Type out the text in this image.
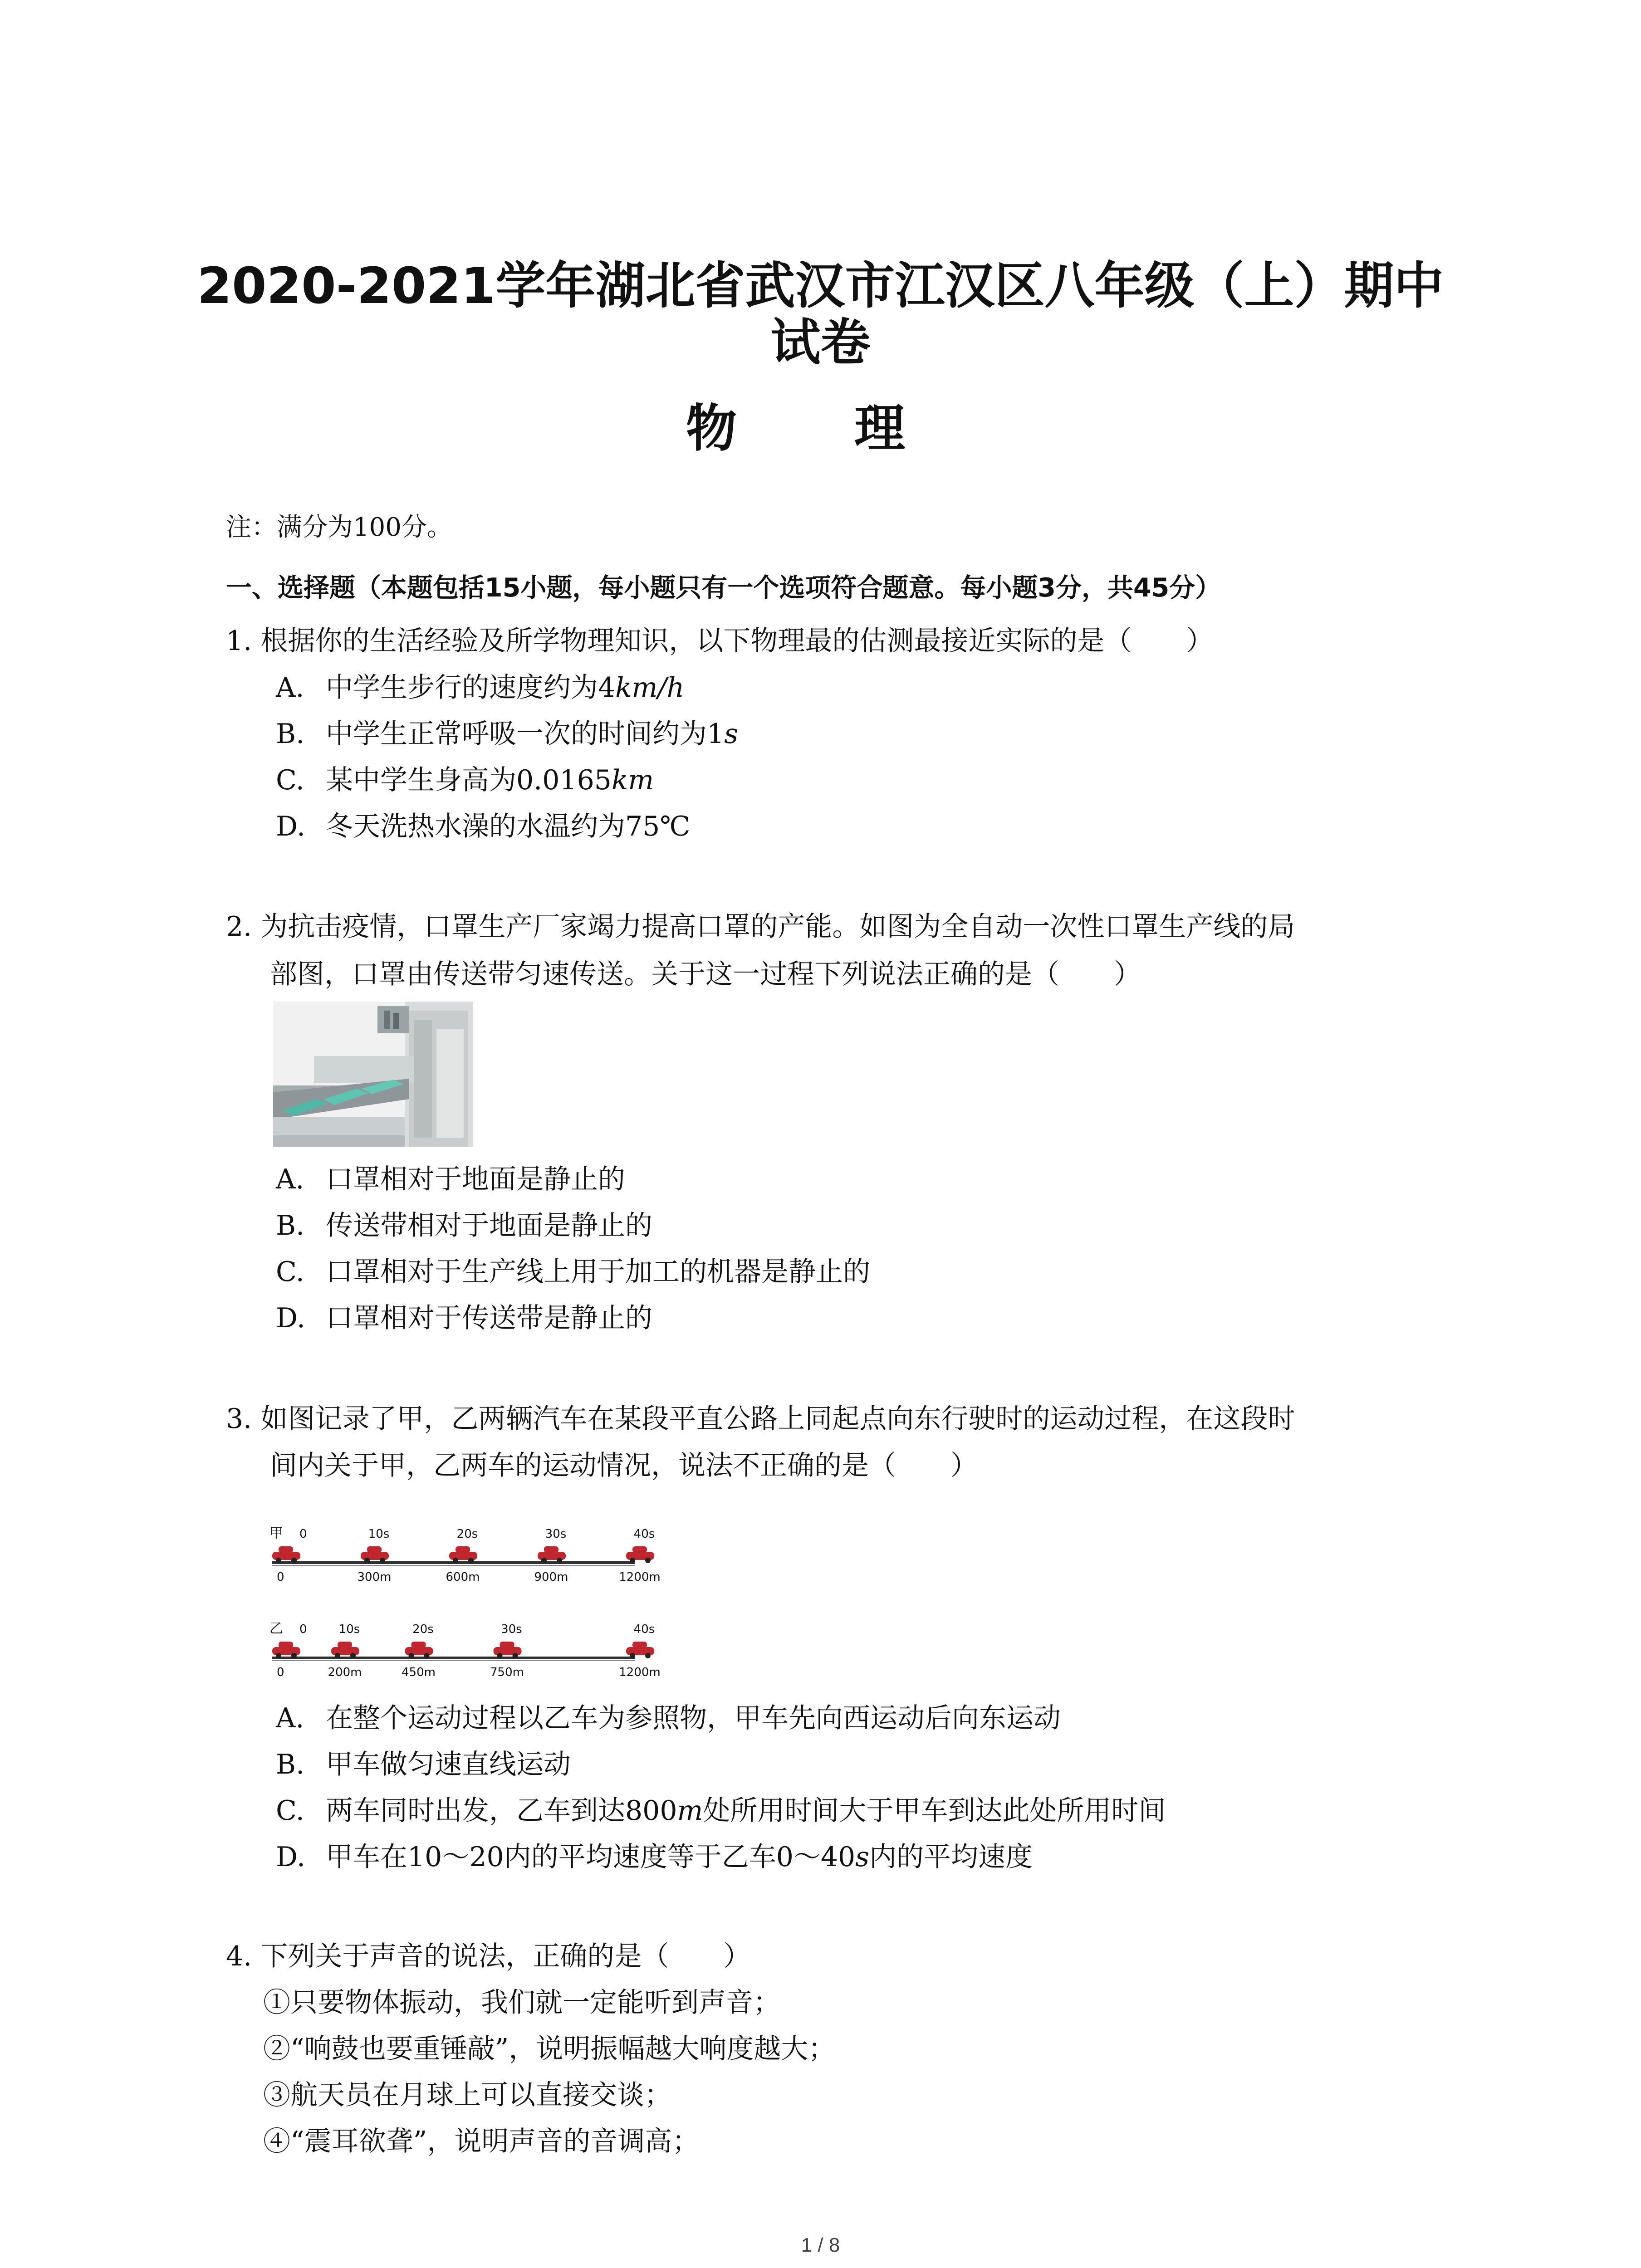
2020-2021学年湖北省武汉市江汉区八年级（上）期中
试卷
物 理
注：满分为100分。
一、选择题（本题包括15小题，每小题只有一个选项符合题意。每小题3分，共45分）
1. 根据你的生活经验及所学物理知识，以下物理最的估测最接近实际的是（　　）
A. 中学生步行的速度约为4km/h
B. 中学生正常呼吸一次的时间约为1s
C. 某中学生身高为0.0165km
D. 冬天洗热水澡的水温约为75℃
2. 为抗击疫情，口罩生产厂家竭力提高口罩的产能。如图为全自动一次性口罩生产线的局
部图，口罩由传送带匀速传送。关于这一过程下列说法正确的是（　　）
A. 口罩相对于地面是静止的
B. 传送带相对于地面是静止的
C. 口罩相对于生产线上用于加工的机器是静止的
D. 口罩相对于传送带是静止的
3. 如图记录了甲，乙两辆汽车在某段平直公路上同起点向东行驶时的运动过程，在这段时
间内关于甲，乙两车的运动情况，说法不正确的是（　　）
甲 0
0
10s
300m
20s
600m
30s
900m
40s
1200m
乙 0
0
10s
200m
20s
450m
30s
750m
40s
1200m
A. 在整个运动过程以乙车为参照物，甲车先向西运动后向东运动
B. 甲车做匀速直线运动
C. 两车同时出发，乙车到达800m处所用时间大于甲车到达此处所用时间
D. 甲车在10～20内的平均速度等于乙车0～40s内的平均速度
4. 下列关于声音的说法，正确的是（　　）
①只要物体振动，我们就一定能听到声音；
②“响鼓也要重锤敲”，说明振幅越大响度越大；
③航天员在月球上可以直接交谈；
④“震耳欲聋”，说明声音的音调高；
1 / 8
